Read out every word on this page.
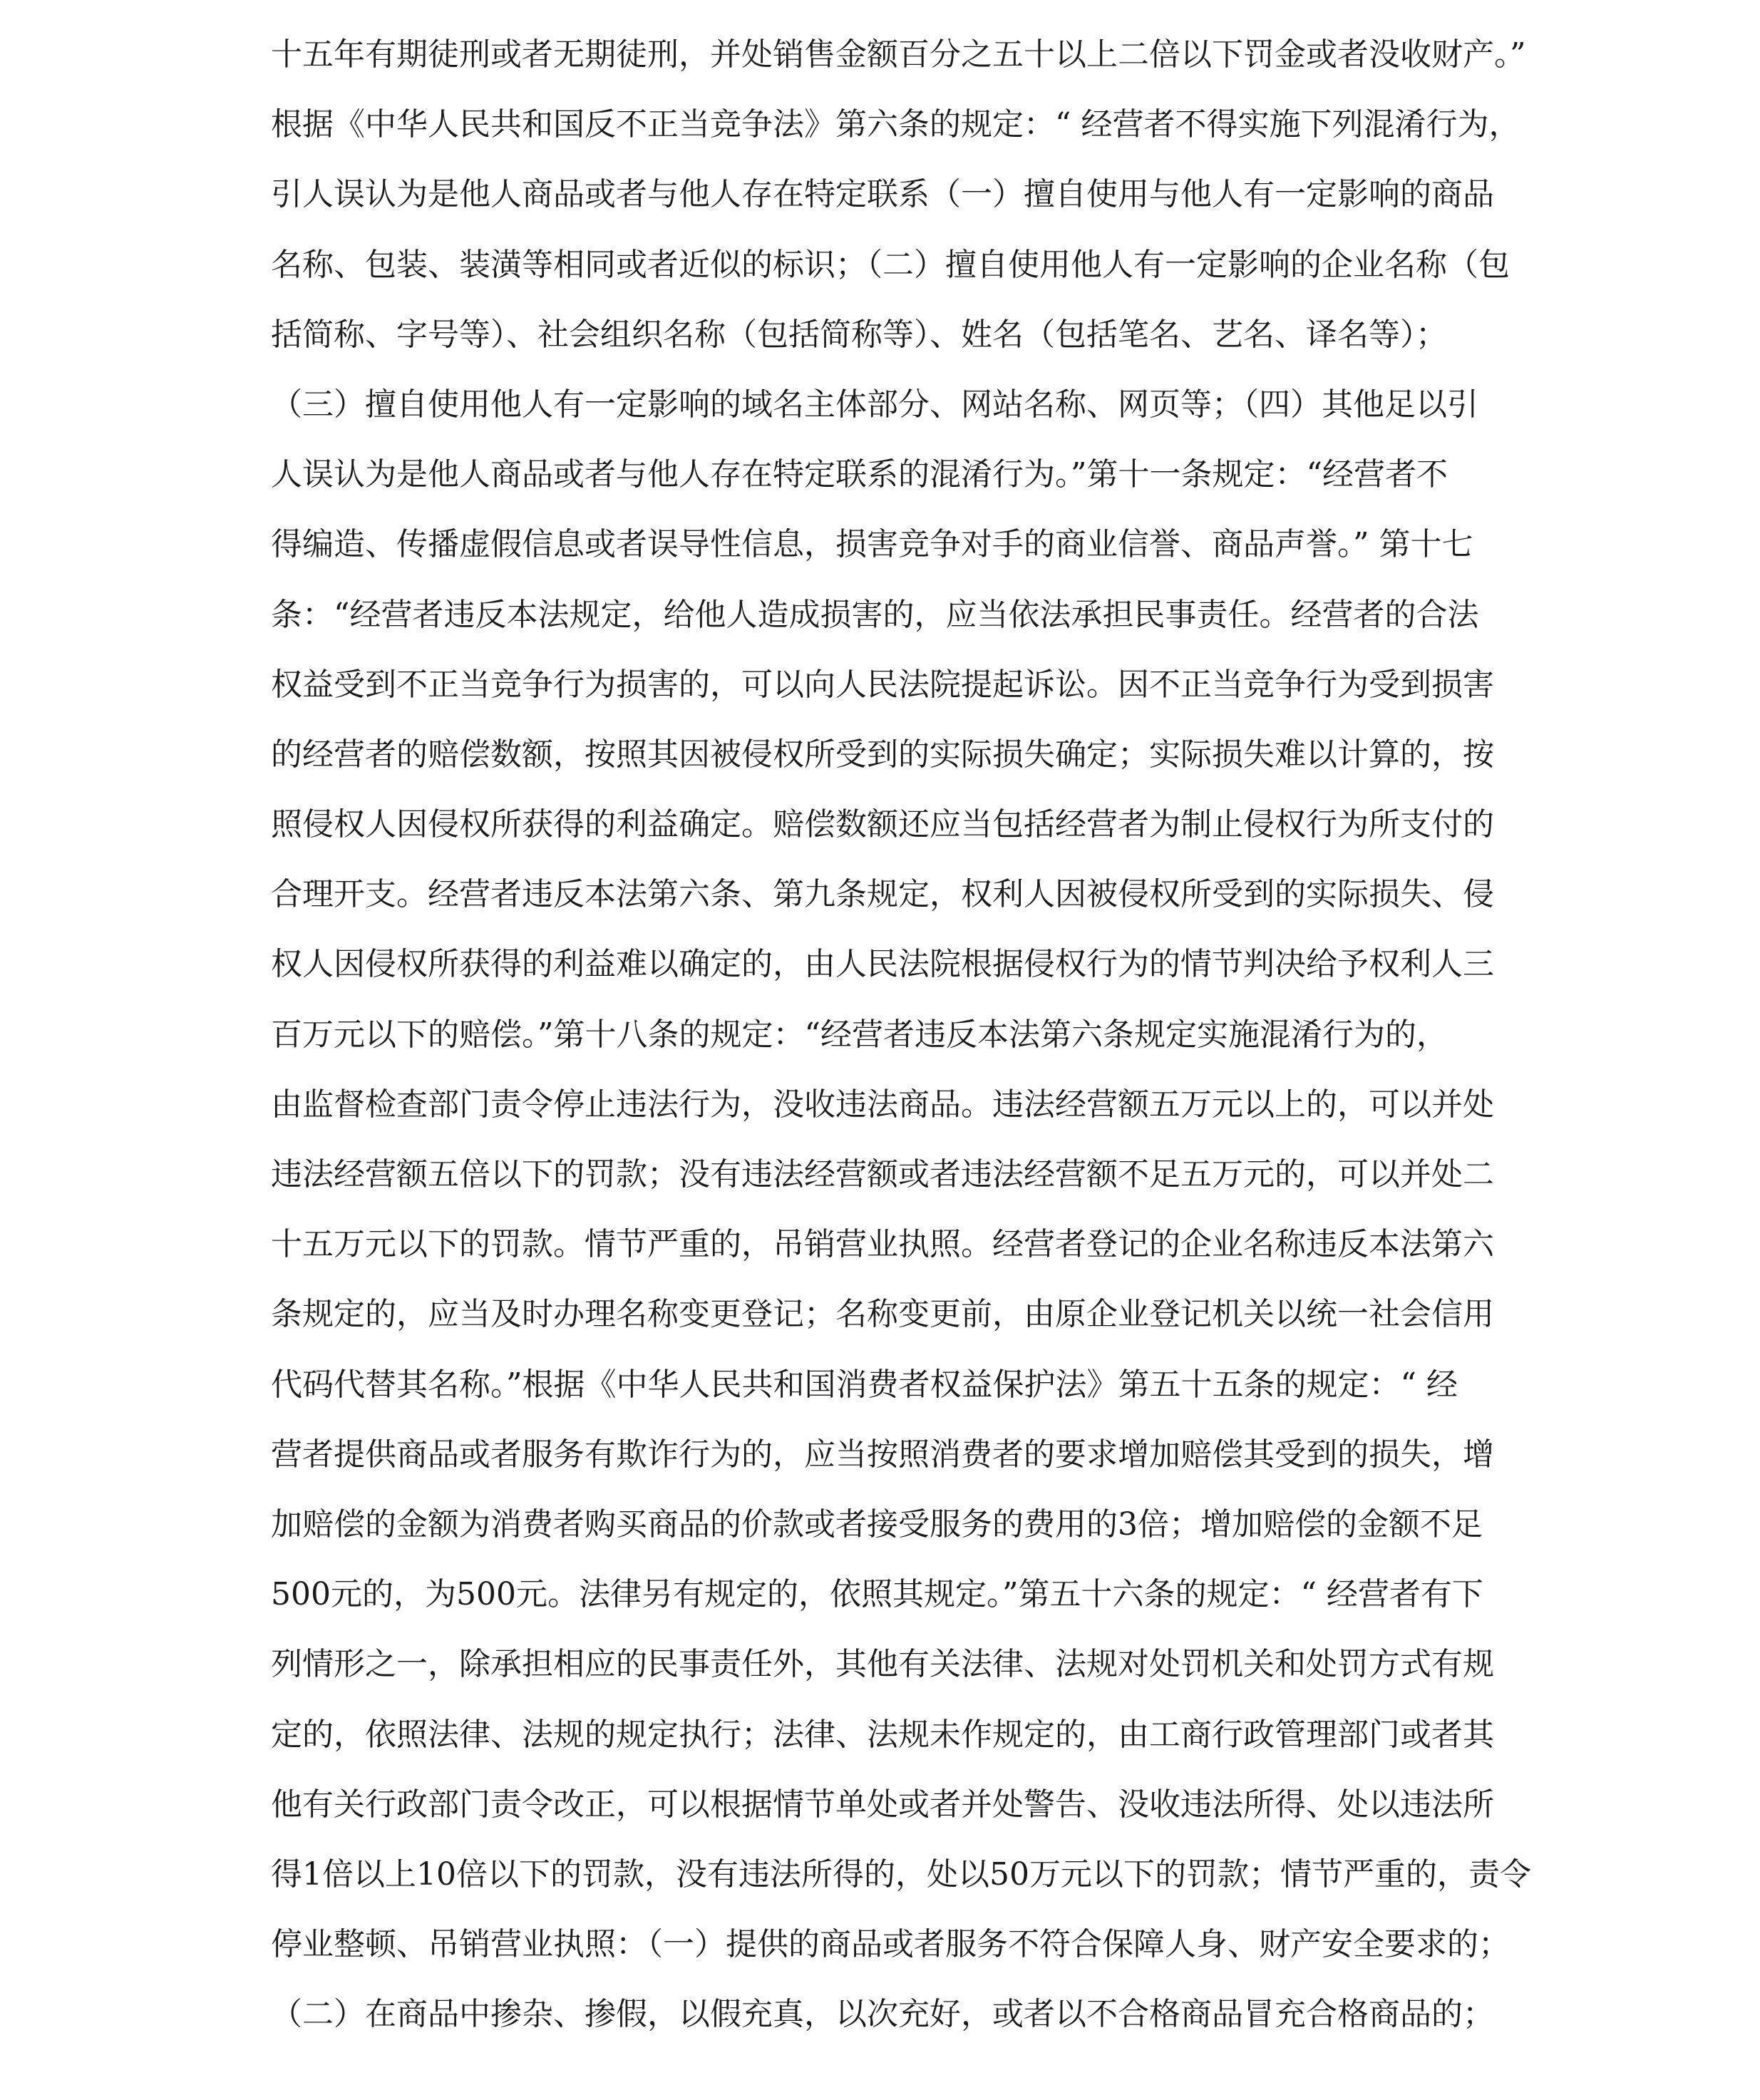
十五年有期徒刑或者无期徒刑，并处销售金额百分之五十以上二倍以下罚金或者没收财产。”
根据《中华人民共和国反不正当竞争法》第六条的规定：“ 经营者不得实施下列混淆行为，
引人误认为是他人商品或者与他人存在特定联系（一）擅自使用与他人有一定影响的商品
名称、包装、装潢等相同或者近似的标识；（二）擅自使用他人有一定影响的企业名称（包
括简称、字号等）、社会组织名称（包括简称等）、姓名（包括笔名、艺名、译名等）；
（三）擅自使用他人有一定影响的域名主体部分、网站名称、网页等；（四）其他足以引
人误认为是他人商品或者与他人存在特定联系的混淆行为。”第十一条规定：“经营者不
得编造、传播虚假信息或者误导性信息，损害竞争对手的商业信誉、商品声誉。” 第十七
条：“经营者违反本法规定，给他人造成损害的，应当依法承担民事责任。经营者的合法
权益受到不正当竞争行为损害的，可以向人民法院提起诉讼。因不正当竞争行为受到损害
的经营者的赔偿数额，按照其因被侵权所受到的实际损失确定；实际损失难以计算的，按
照侵权人因侵权所获得的利益确定。赔偿数额还应当包括经营者为制止侵权行为所支付的
合理开支。经营者违反本法第六条、第九条规定，权利人因被侵权所受到的实际损失、侵
权人因侵权所获得的利益难以确定的，由人民法院根据侵权行为的情节判决给予权利人三
百万元以下的赔偿。”第十八条的规定：“经营者违反本法第六条规定实施混淆行为的，
由监督检查部门责令停止违法行为，没收违法商品。违法经营额五万元以上的，可以并处
违法经营额五倍以下的罚款；没有违法经营额或者违法经营额不足五万元的，可以并处二
十五万元以下的罚款。情节严重的，吊销营业执照。经营者登记的企业名称违反本法第六
条规定的，应当及时办理名称变更登记；名称变更前，由原企业登记机关以统一社会信用
代码代替其名称。”根据《中华人民共和国消费者权益保护法》第五十五条的规定：“ 经
营者提供商品或者服务有欺诈行为的，应当按照消费者的要求增加赔偿其受到的损失，增
加赔偿的金额为消费者购买商品的价款或者接受服务的费用的3倍；增加赔偿的金额不足
500元的，为500元。法律另有规定的，依照其规定。”第五十六条的规定：“ 经营者有下
列情形之一，除承担相应的民事责任外，其他有关法律、法规对处罚机关和处罚方式有规
定的，依照法律、法规的规定执行；法律、法规未作规定的，由工商行政管理部门或者其
他有关行政部门责令改正，可以根据情节单处或者并处警告、没收违法所得、处以违法所
得1倍以上10倍以下的罚款，没有违法所得的，处以50万元以下的罚款；情节严重的，责令
停业整顿、吊销营业执照：（一）提供的商品或者服务不符合保障人身、财产安全要求的；
（二）在商品中掺杂、掺假，以假充真，以次充好，或者以不合格商品冒充合格商品的；
